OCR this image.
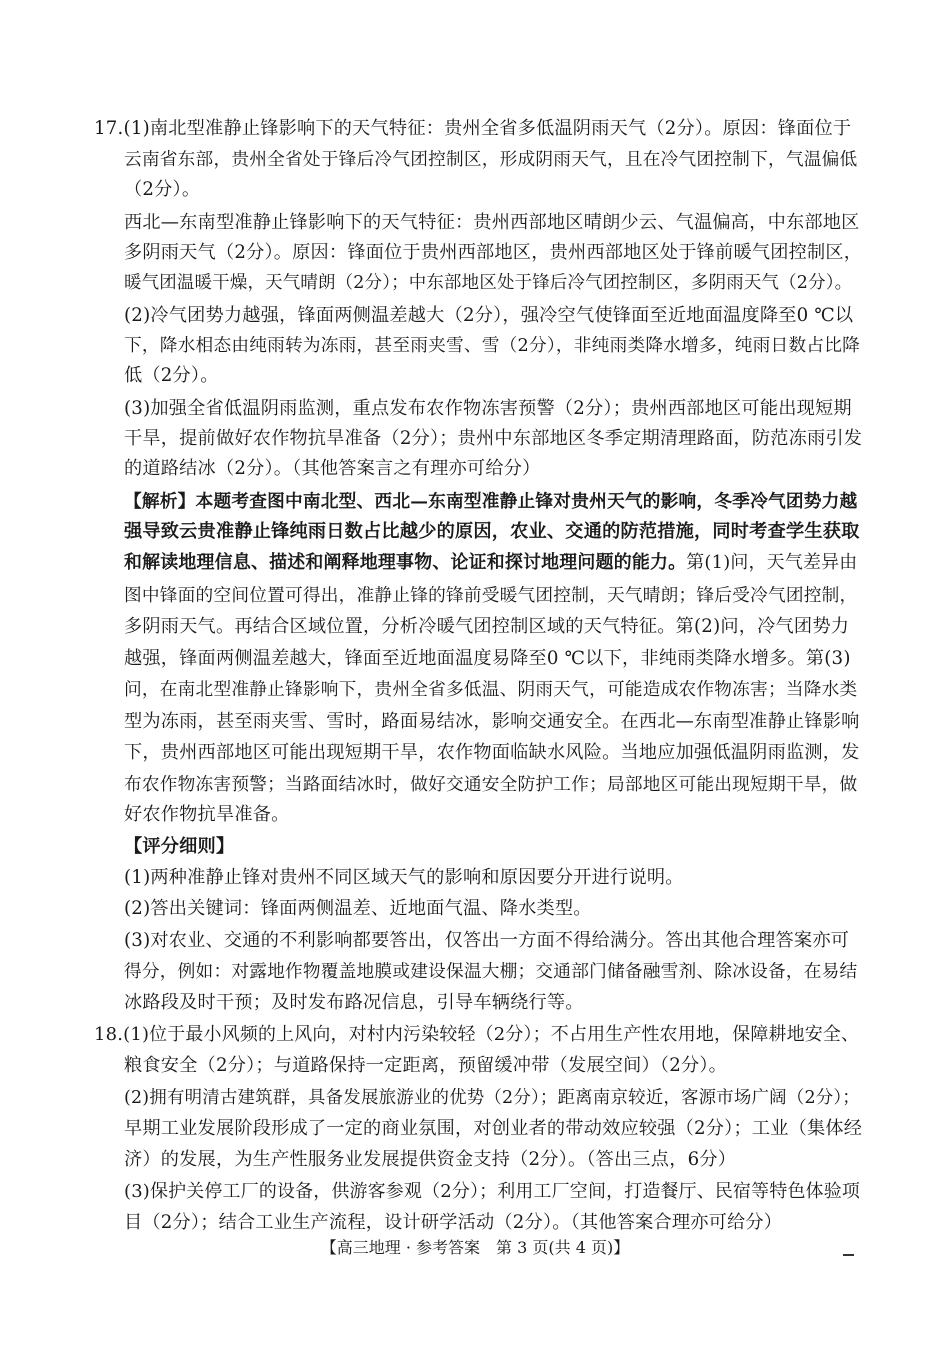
17.(1)南北型准静止锋影响下的天气特征：贵州全省多低温阴雨天气（2分）。原因：锋面位于
云南省东部，贵州全省处于锋后冷气团控制区，形成阴雨天气，且在冷气团控制下，气温偏低
（2分）。
西北—东南型准静止锋影响下的天气特征：贵州西部地区晴朗少云、气温偏高，中东部地区
多阴雨天气（2分）。原因：锋面位于贵州西部地区，贵州西部地区处于锋前暖气团控制区，
暖气团温暖干燥，天气晴朗（2分）；中东部地区处于锋后冷气团控制区，多阴雨天气（2分）。
(2)冷气团势力越强，锋面两侧温差越大（2分），强冷空气使锋面至近地面温度降至0 ℃以
下，降水相态由纯雨转为冻雨，甚至雨夹雪、雪（2分），非纯雨类降水增多，纯雨日数占比降
低（2分）。
(3)加强全省低温阴雨监测，重点发布农作物冻害预警（2分）；贵州西部地区可能出现短期
干旱，提前做好农作物抗旱准备（2分）；贵州中东部地区冬季定期清理路面，防范冻雨引发
的道路结冰（2分）。（其他答案言之有理亦可给分）
【解析】本题考查图中南北型、西北—东南型准静止锋对贵州天气的影响，冬季冷气团势力越
强导致云贵准静止锋纯雨日数占比越少的原因，农业、交通的防范措施，同时考查学生获取
和解读地理信息、描述和阐释地理事物、论证和探讨地理问题的能力。第(1)问，天气差异由
图中锋面的空间位置可得出，准静止锋的锋前受暖气团控制，天气晴朗；锋后受冷气团控制，
多阴雨天气。再结合区域位置，分析冷暖气团控制区域的天气特征。第(2)问，冷气团势力
越强，锋面两侧温差越大，锋面至近地面温度易降至0 ℃以下，非纯雨类降水增多。第(3)
问，在南北型准静止锋影响下，贵州全省多低温、阴雨天气，可能造成农作物冻害；当降水类
型为冻雨，甚至雨夹雪、雪时，路面易结冰，影响交通安全。在西北—东南型准静止锋影响
下，贵州西部地区可能出现短期干旱，农作物面临缺水风险。当地应加强低温阴雨监测，发
布农作物冻害预警；当路面结冰时，做好交通安全防护工作；局部地区可能出现短期干旱，做
好农作物抗旱准备。
【评分细则】
(1)两种准静止锋对贵州不同区域天气的影响和原因要分开进行说明。
(2)答出关键词：锋面两侧温差、近地面气温、降水类型。
(3)对农业、交通的不利影响都要答出，仅答出一方面不得给满分。答出其他合理答案亦可
得分，例如：对露地作物覆盖地膜或建设保温大棚；交通部门储备融雪剂、除冰设备，在易结
冰路段及时干预；及时发布路况信息，引导车辆绕行等。
18.(1)位于最小风频的上风向，对村内污染较轻（2分）；不占用生产性农用地，保障耕地安全、
粮食安全（2分）；与道路保持一定距离，预留缓冲带（发展空间）（2分）。
(2)拥有明清古建筑群，具备发展旅游业的优势（2分）；距离南京较近，客源市场广阔（2分）；
早期工业发展阶段形成了一定的商业氛围，对创业者的带动效应较强（2分）；工业（集体经
济）的发展，为生产性服务业发展提供资金支持（2分）。（答出三点，6分）
(3)保护关停工厂的设备，供游客参观（2分）；利用工厂空间，打造餐厅、民宿等特色体验项
目（2分）；结合工业生产流程，设计研学活动（2分）。（其他答案合理亦可给分）
【高三地理 · 参考答案　第 3 页(共 4 页)】
